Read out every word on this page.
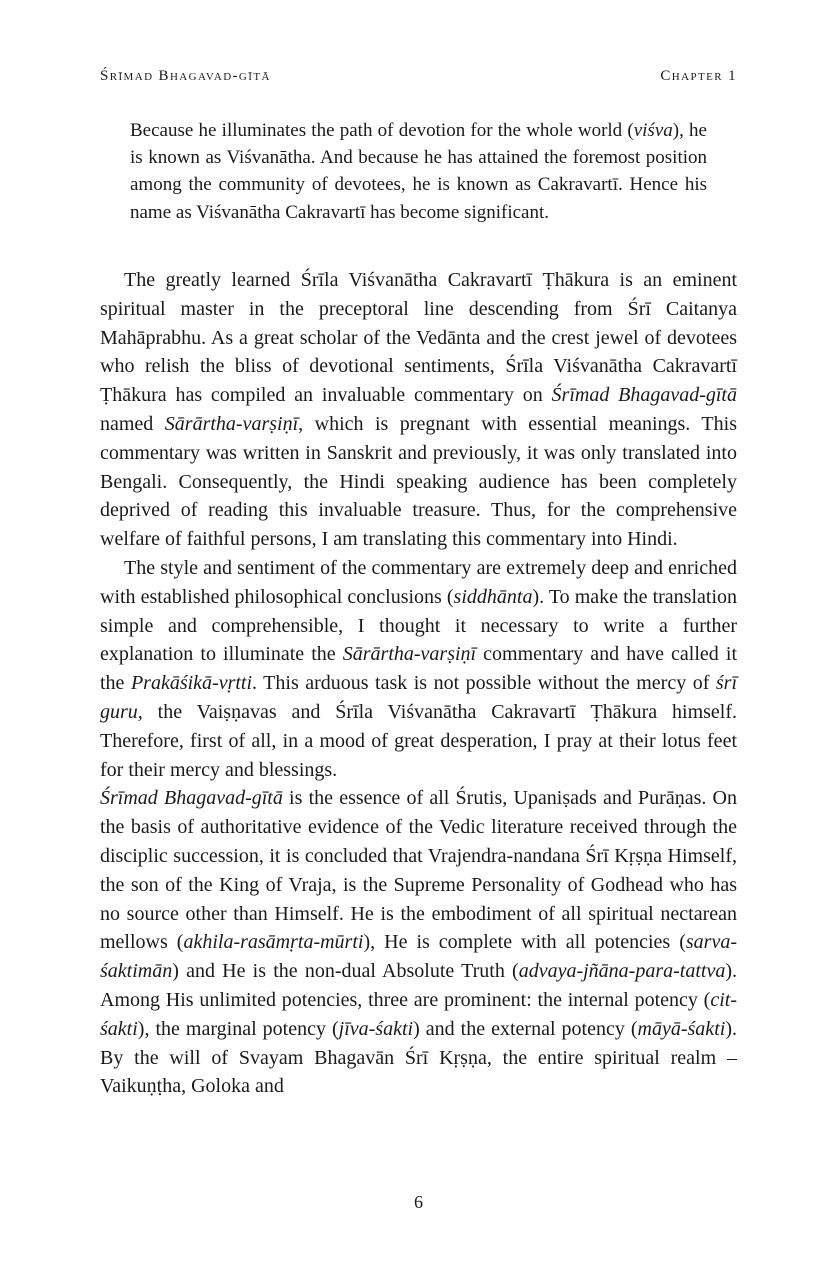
Śrīmad Bhagavad-gītā	Chapter 1

Because he illuminates the path of devotion for the whole world (viśva), he is known as Viśvanātha. And because he has attained the foremost position among the community of devotees, he is known as Cakravartī. Hence his name as Viśvanātha Cakravartī has become significant.

The greatly learned Śrīla Viśvanātha Cakravartī Ṭhākura is an eminent spiritual master in the preceptoral line descending from Śrī Caitanya Mahāprabhu. As a great scholar of the Vedānta and the crest jewel of devotees who relish the bliss of devotional sentiments, Śrīla Viśvanātha Cakravartī Ṭhākura has compiled an invaluable commentary on Śrīmad Bhagavad-gītā named Sārārtha-varṣiṇī, which is pregnant with essential meanings. This commentary was written in Sanskrit and previously, it was only translated into Bengali. Consequently, the Hindi speaking audience has been completely deprived of reading this invaluable treasure. Thus, for the comprehensive welfare of faithful persons, I am translating this commentary into Hindi.

The style and sentiment of the commentary are extremely deep and enriched with established philosophical conclusions (siddhānta). To make the translation simple and comprehensible, I thought it necessary to write a further explanation to illuminate the Sārārtha-varṣiṇī commentary and have called it the Prakāśikā-vṛtti. This arduous task is not possible without the mercy of śrī guru, the Vaiṣṇavas and Śrīla Viśvanātha Cakravartī Ṭhākura himself. Therefore, first of all, in a mood of great desperation, I pray at their lotus feet for their mercy and blessings.

Śrīmad Bhagavad-gītā is the essence of all Śrutis, Upaniṣads and Purāṇas. On the basis of authoritative evidence of the Vedic literature received through the disciplic succession, it is concluded that Vrajendra-nandana Śrī Kṛṣṇa Himself, the son of the King of Vraja, is the Supreme Personality of Godhead who has no source other than Himself. He is the embodiment of all spiritual nectarean mellows (akhila-rasāmṛta-mūrti), He is complete with all potencies (sarva-śaktimān) and He is the non-dual Absolute Truth (advaya-jñāna-para-tattva). Among His unlimited potencies, three are prominent: the internal potency (cit-śakti), the marginal potency (jīva-śakti) and the external potency (māyā-śakti). By the will of Svayam Bhagavān Śrī Kṛṣṇa, the entire spiritual realm – Vaikuṇṭha, Goloka and

6
